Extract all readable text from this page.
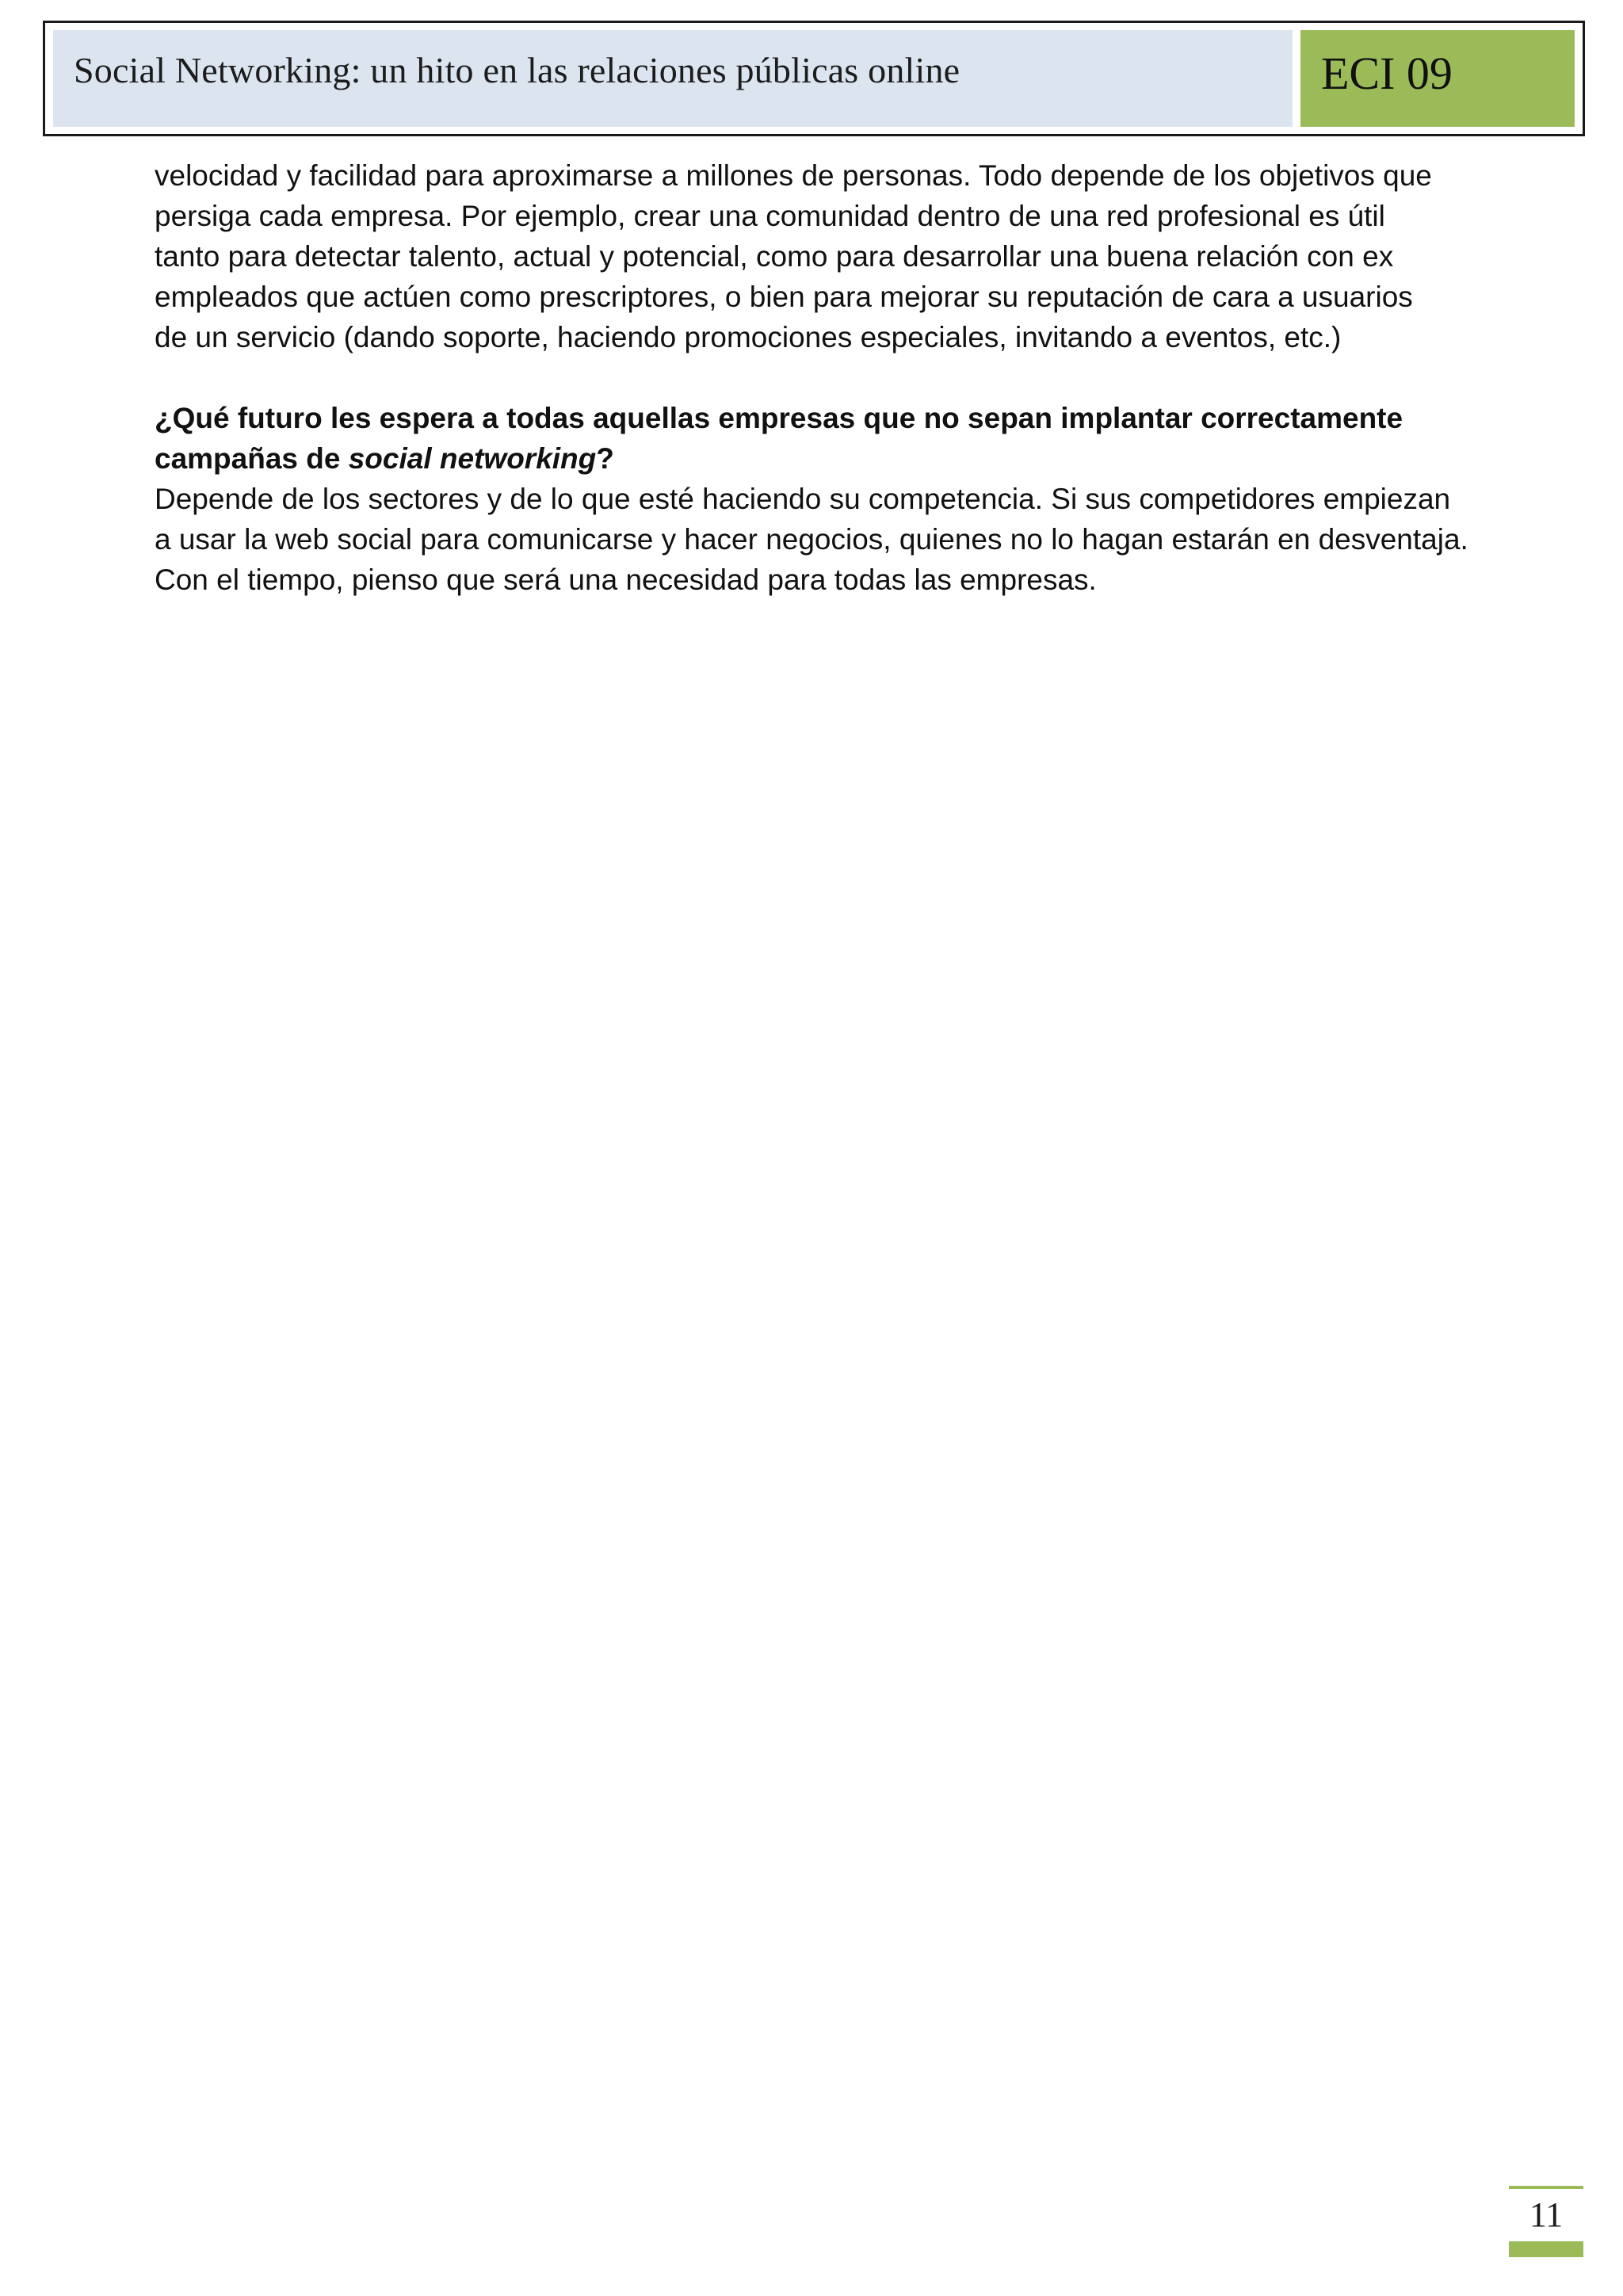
Social Networking: un hito en las relaciones públicas online	ECI 09
velocidad y facilidad para aproximarse a millones de personas. Todo depende de los objetivos que
persiga cada empresa. Por ejemplo, crear una comunidad dentro de una red profesional es útil
tanto para detectar talento, actual y potencial, como para desarrollar una buena relación con ex
empleados que actúen como prescriptores, o bien para mejorar su reputación de cara a usuarios
de un servicio (dando soporte, haciendo promociones especiales, invitando a eventos, etc.)
¿Qué futuro les espera a todas aquellas empresas que no sepan implantar correctamente
campañas de social networking?
Depende de los sectores y de lo que esté haciendo su competencia. Si sus competidores empiezan
a usar la web social para comunicarse y hacer negocios, quienes no lo hagan estarán en desventaja.
Con el tiempo, pienso que será una necesidad para todas las empresas.
11
